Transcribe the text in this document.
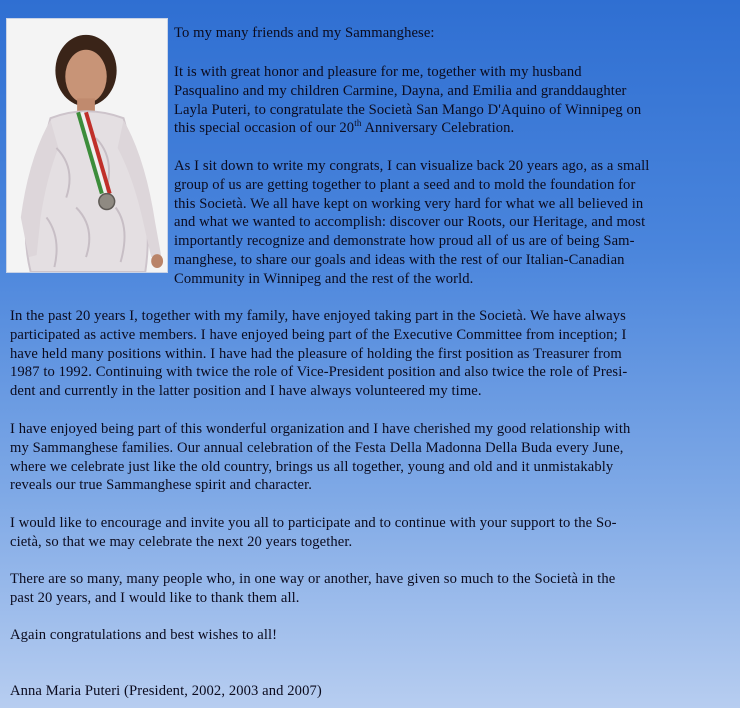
To my many friends and my Sammanghese:

It is with great honor and pleasure for me, together with my husband
Pasqualino and my children Carmine, Dayna, and Emilia and granddaughter
Layla Puteri, to congratulate the Società San Mango D'Aquino of Winnipeg on
this special occasion of our 20th Anniversary Celebration.

As I sit down to write my congrats, I can visualize back 20 years ago, as a small
group of us are getting together to plant a seed and to mold the foundation for
this Società. We all have kept on working very hard for what we all believed in
and what we wanted to accomplish: discover our Roots, our Heritage, and most
importantly recognize and demonstrate how proud all of us are of being Sam-
manghese, to share our goals and ideas with the rest of our Italian-Canadian
Community in Winnipeg and the rest of the world.

In the past 20 years I, together with my family, have enjoyed taking part in the Società. We have always
participated as active members. I have enjoyed being part of the Executive Committee from inception; I
have held many positions within. I have had the pleasure of holding the first position as Treasurer from
1987 to 1992. Continuing with twice the role of Vice-President position and also twice the role of Presi-
dent and currently in the latter position and I have always volunteered my time.

I have enjoyed being part of this wonderful organization and I have cherished my good relationship with
my Sammanghese families. Our annual celebration of the Festa Della Madonna Della Buda every June,
where we celebrate just like the old country, brings us all together, young and old and it unmistakably
reveals our true Sammanghese spirit and character.

I would like to encourage and invite you all to participate and to continue with your support to the So-
cietà, so that we may celebrate the next 20 years together.

There are so many, many people who, in one way or another, have given so much to the Società in the
past 20 years, and I would like to thank them all.

Again congratulations and best wishes to all!

Anna Maria Puteri (President, 2002, 2003 and 2007)
